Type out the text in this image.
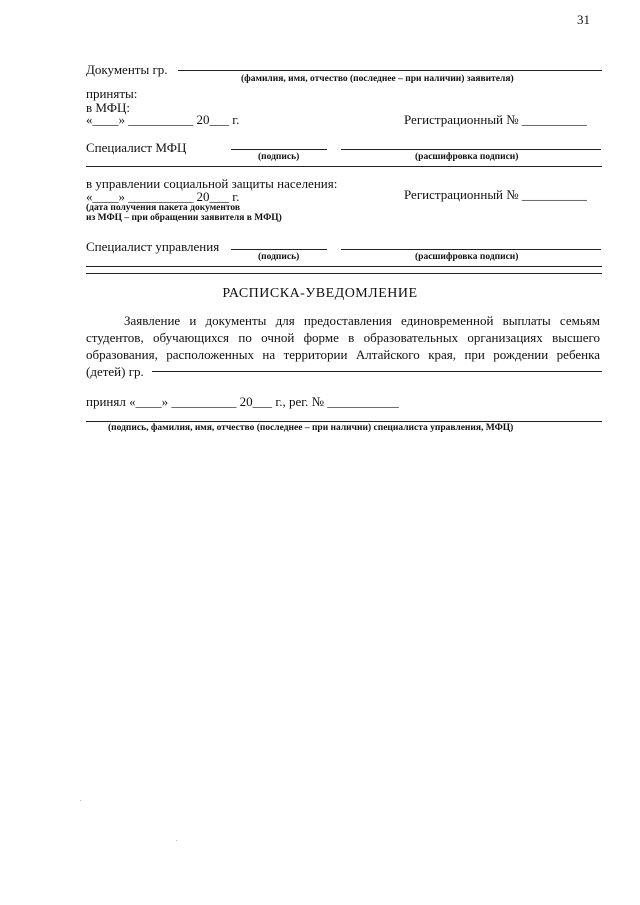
31
Документы гр.
(фамилия, имя, отчество (последнее – при наличии) заявителя)
приняты:
в МФЦ:
«____» __________ 20___ г.	Регистрационный № __________
Специалист МФЦ
(подпись)	(расшифровка подписи)
в управлении социальной защиты населения:
«____» __________ 20___ г.	Регистрационный № __________
(дата получения пакета документов
из МФЦ – при обращении заявителя в МФЦ)
Специалист управления
(подпись)	(расшифровка подписи)
РАСПИСКА-УВЕДОМЛЕНИЕ
Заявление и документы для предоставления единовременной выплаты семьям студентов, обучающихся по очной форме в образовательных организациях высшего образования, расположенных на территории Алтайского края, при рождении ребенка (детей) гр.
принял «____» __________ 20___ г., рег. № ___________
(подпись, фамилия, имя, отчество (последнее – при наличии) специалиста управления, МФЦ)
